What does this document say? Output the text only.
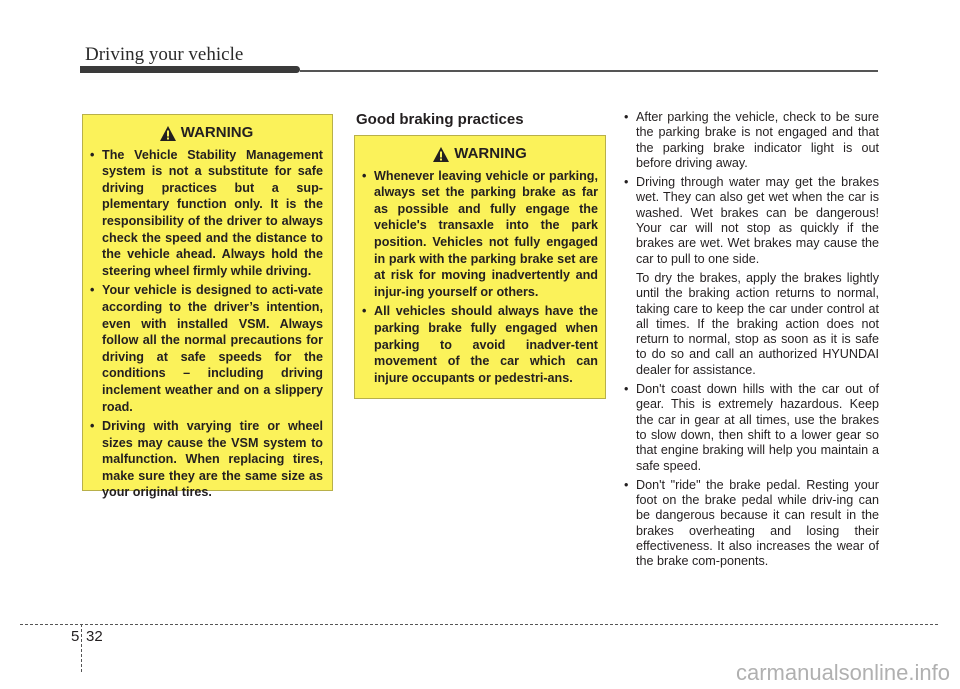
Driving your vehicle
WARNING
• The Vehicle Stability Management system is not a substitute for safe driving practices but a sup-plementary function only. It is the responsibility of the driver to always check the speed and the distance to the vehicle ahead. Always hold the steering wheel firmly while driving.
• Your vehicle is designed to acti-vate according to the driver’s intention, even with installed VSM. Always follow all the normal precautions for driving at safe speeds for the conditions – including driving inclement weather and on a slippery road.
• Driving with varying tire or wheel sizes may cause the VSM system to malfunction. When replacing tires, make sure they are the same size as your original tires.
Good braking practices
WARNING
• Whenever leaving vehicle or parking, always set the parking brake as far as possible and fully engage the vehicle's transaxle into the park position. Vehicles not fully engaged in park with the parking brake set are at risk for moving inadvertently and injur-ing yourself or others.
• All vehicles should always have the parking brake fully engaged when parking to avoid inadver-tent movement of the car which can injure occupants or pedestri-ans.
• After parking the vehicle, check to be sure the parking brake is not engaged and that the parking brake indicator light is out before driving away.

• Driving through water may get the brakes wet. They can also get wet when the car is washed. Wet brakes can be dangerous! Your car will not stop as quickly if the brakes are wet. Wet brakes may cause the car to pull to one side.

To dry the brakes, apply the brakes lightly until the braking action returns to normal, taking care to keep the car under control at all times. If the braking action does not return to normal, stop as soon as it is safe to do so and call an authorized HYUNDAI dealer for assistance.

• Don't coast down hills with the car out of gear. This is extremely hazardous. Keep the car in gear at all times, use the brakes to slow down, then shift to a lower gear so that engine braking will help you maintain a safe speed.
• Don't "ride" the brake pedal. Resting your foot on the brake pedal while driv-ing can be dangerous because it can result in the brakes overheating and losing their effectiveness. It also increases the wear of the brake com-ponents.
5 32
carmanualsonline.info
